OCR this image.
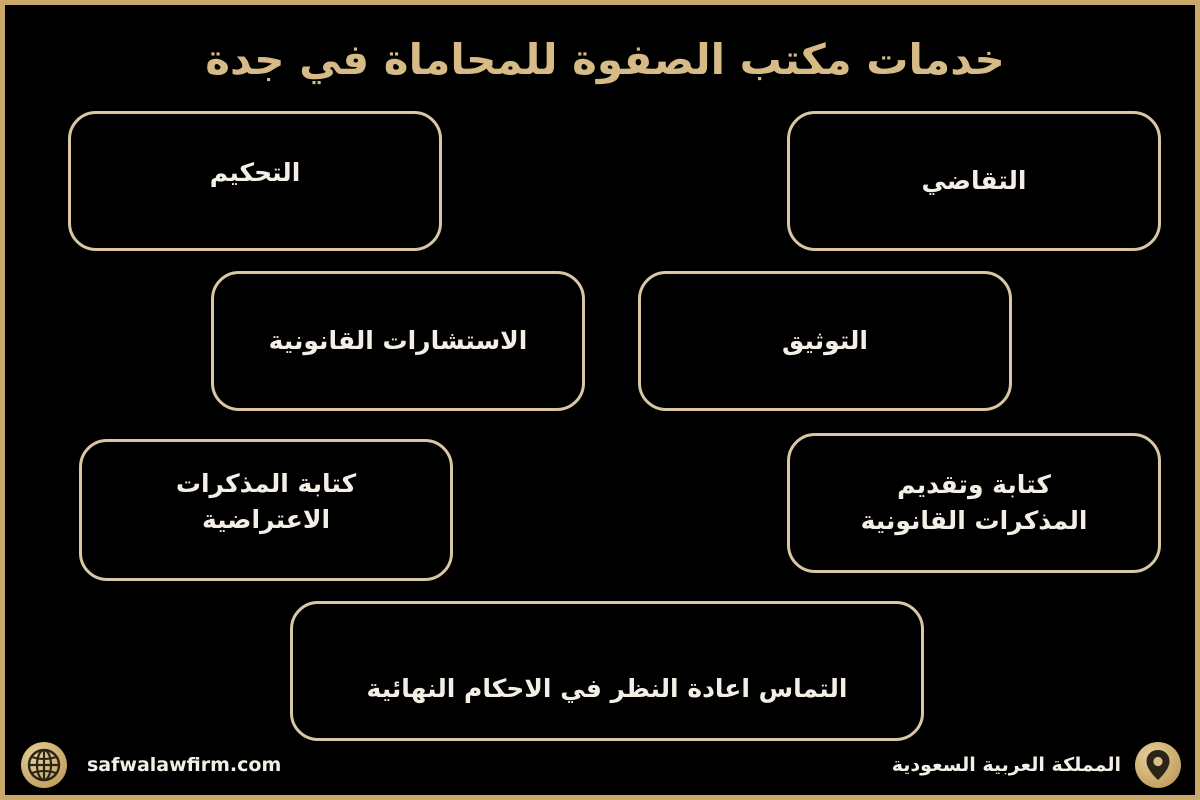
خدمات مكتب الصفوة للمحاماة في جدة
التقاضي
التحكيم
التوثيق
الاستشارات القانونية
كتابة وتقديم
المذكرات القانونية
كتابة المذكرات
الاعتراضية
التماس اعادة النظر في الاحكام النهائية
safwalawfirm.com	المملكة العربية السعودية
